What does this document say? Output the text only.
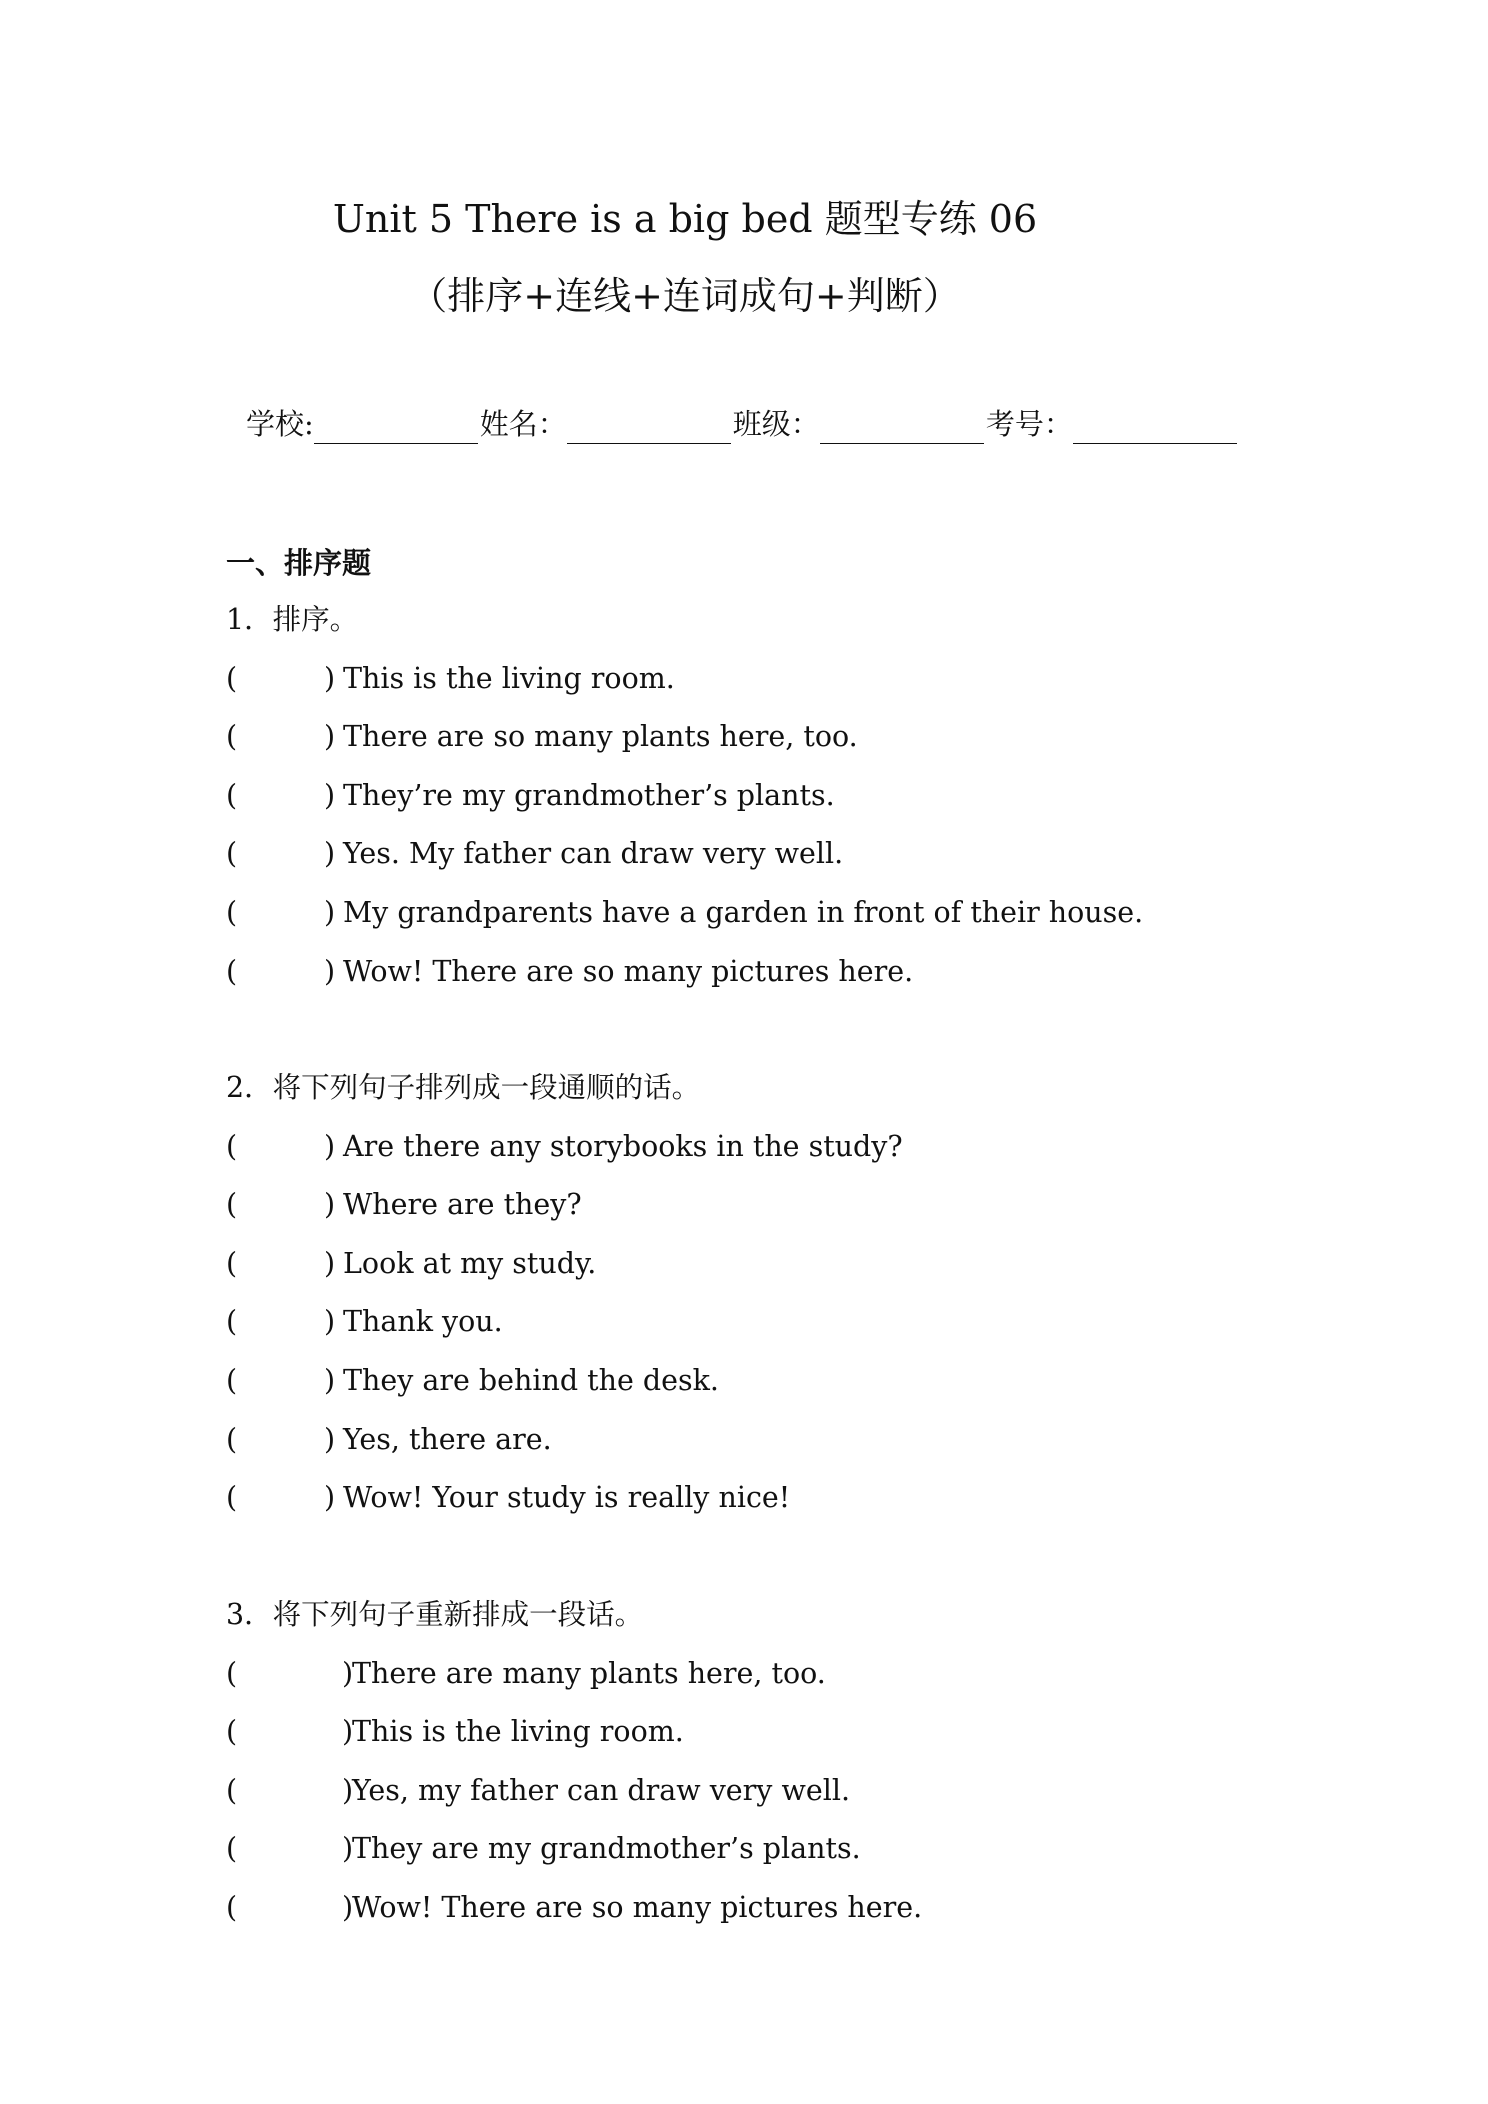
Unit 5 There is a big bed 题型专练 06
（排序+连线+连词成句+判断）
学校:	姓名：	班级：	考号：
一、排序题
1．排序。
(	) This is the living room.
(	) There are so many plants here, too.
(	) They’re my grandmother’s plants.
(	) Yes. My father can draw very well.
(	) My grandparents have a garden in front of their house.
(	) Wow! There are so many pictures here.
2．将下列句子排列成一段通顺的话。
(	) Are there any storybooks in the study?
(	) Where are they?
(	) Look at my study.
(	) Thank you.
(	) They are behind the desk.
(	) Yes, there are.
(	) Wow! Your study is really nice!
3．将下列句子重新排成一段话。
(	)
There are many plants here, too.
(	)
This is the living room.
(	)
Yes, my father can draw very well.
(	)
They are my grandmother’s plants.
(	)
Wow! There are so many pictures here.
